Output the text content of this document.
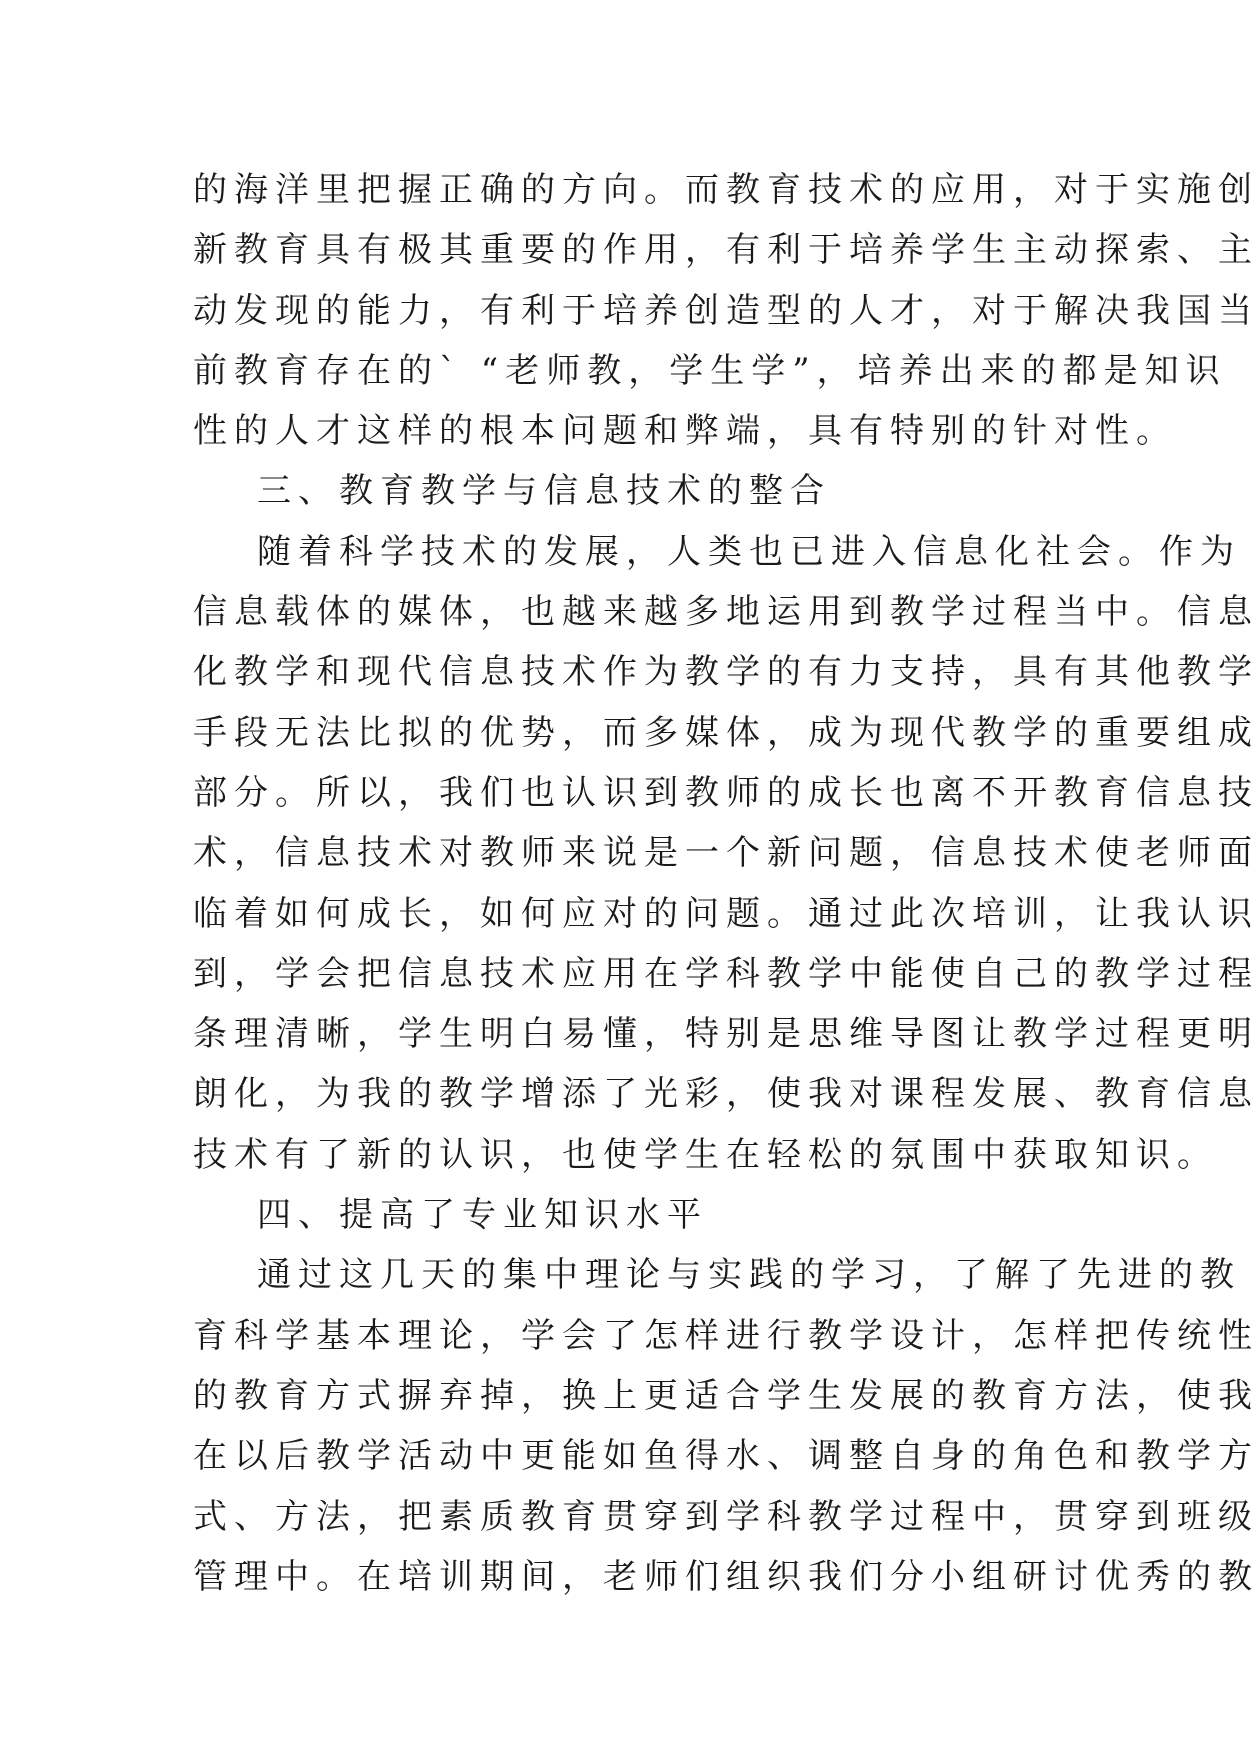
的海洋里把握正确的方向。而教育技术的应用，对于实施创
新教育具有极其重要的作用，有利于培养学生主动探索、主
动发现的能力，有利于培养创造型的人才，对于解决我国当
前教育存在的` “老师教，学生学”，培养出来的都是知识
性的人才这样的根本问题和弊端，具有特别的针对性。
三、教育教学与信息技术的整合
随着科学技术的发展，人类也已进入信息化社会。作为
信息载体的媒体，也越来越多地运用到教学过程当中。信息
化教学和现代信息技术作为教学的有力支持，具有其他教学
手段无法比拟的优势，而多媒体，成为现代教学的重要组成
部分。所以，我们也认识到教师的成长也离不开教育信息技
术，信息技术对教师来说是一个新问题，信息技术使老师面
临着如何成长，如何应对的问题。通过此次培训，让我认识
到，学会把信息技术应用在学科教学中能使自己的教学过程
条理清晰，学生明白易懂，特别是思维导图让教学过程更明
朗化，为我的教学增添了光彩，使我对课程发展、教育信息
技术有了新的认识，也使学生在轻松的氛围中获取知识。
四、提高了专业知识水平
通过这几天的集中理论与实践的学习，了解了先进的教
育科学基本理论，学会了怎样进行教学设计，怎样把传统性
的教育方式摒弃掉，换上更适合学生发展的教育方法，使我
在以后教学活动中更能如鱼得水、调整自身的角色和教学方
式、方法，把素质教育贯穿到学科教学过程中，贯穿到班级
管理中。在培训期间，老师们组织我们分小组研讨优秀的教
